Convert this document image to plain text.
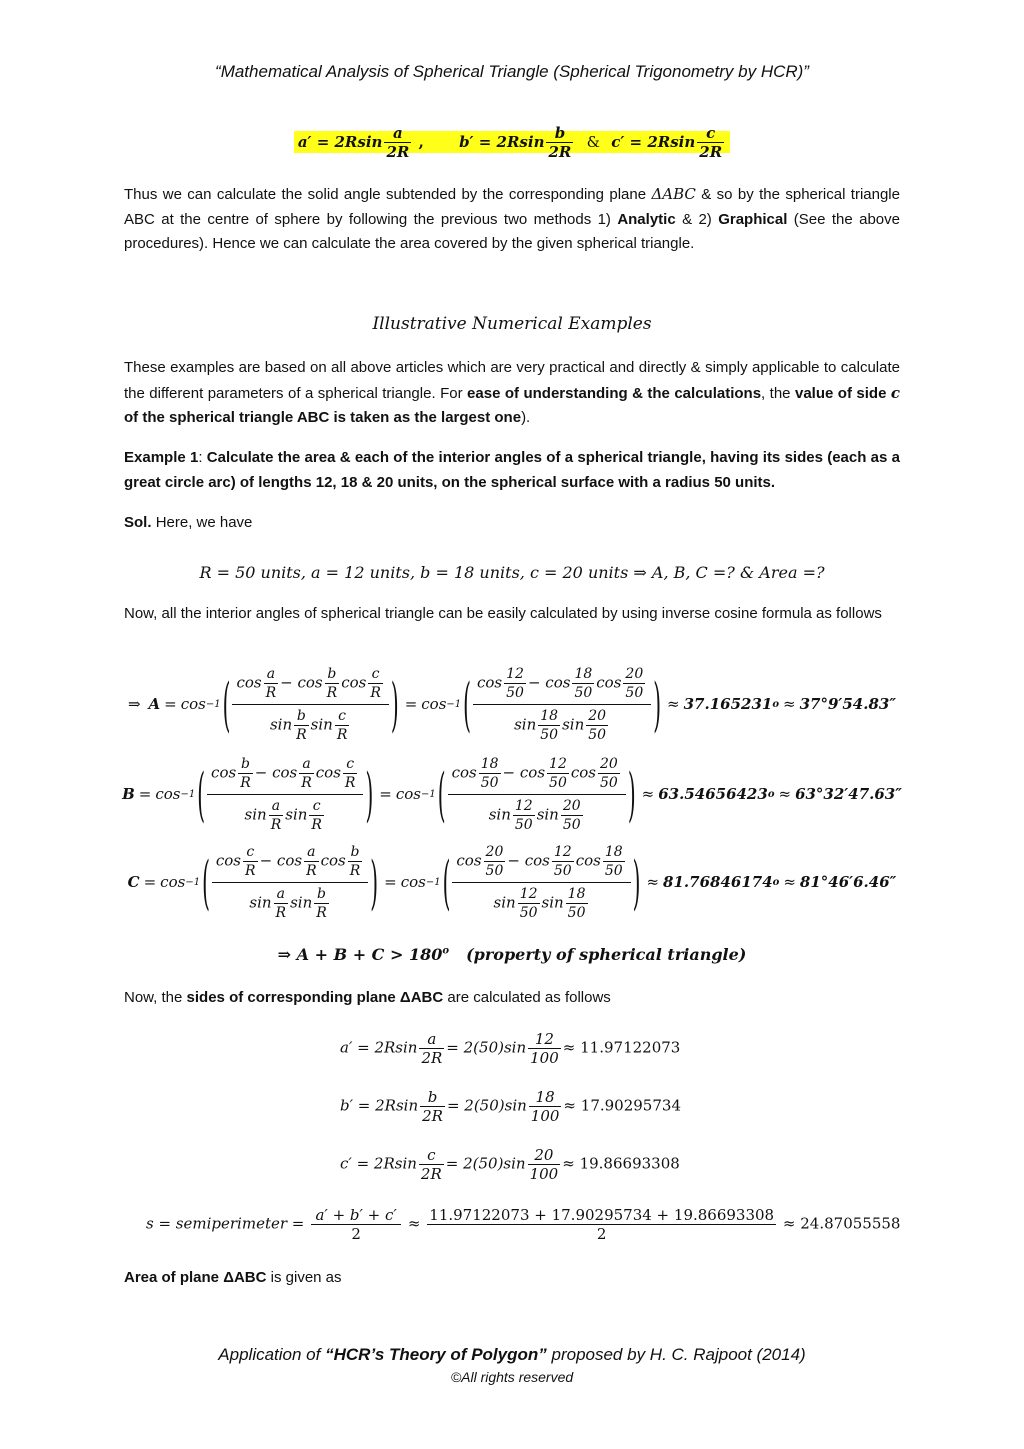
“Mathematical Analysis of Spherical Triangle (Spherical Trigonometry by HCR)”
$a' = 2Rsin \frac{a}{2R}$ , $b' = 2Rsin \frac{b}{2R}$ & $c' = 2Rsin \frac{c}{2R}$
Thus we can calculate the solid angle subtended by the corresponding plane ΔABC & so by the spherical triangle ABC at the centre of sphere by following the previous two methods 1) Analytic & 2) Graphical (See the above procedures). Hence we can calculate the area covered by the given spherical triangle.
Illustrative Numerical Examples
These examples are based on all above articles which are very practical and directly & simply applicable to calculate the different parameters of a spherical triangle. For ease of understanding & the calculations, the value of side c of the spherical triangle ABC is taken as the largest one).
Example 1: Calculate the area & each of the interior angles of a spherical triangle, having its sides (each as a great circle arc) of lengths 12, 18 & 20 units, on the spherical surface with a radius 50 units.
Sol. Here, we have
R = 50 units, a = 12 units, b = 18 units, c = 20 units ⇒ A, B, C =? & Area =?
Now, all the interior angles of spherical triangle can be easily calculated by using inverse cosine formula as follows
⇒ A = cos −1 ( $\frac{\cos \frac{a}{R} - \cos \frac{b}{R} \cos \frac{c}{R}}{\sin \frac{b}{R} \sin \frac{c}{R}}$ ) = cos −1 ( $\frac{\cos \frac{12}{50} - \cos \frac{18}{50} \cos \frac{20}{50}}{\sin \frac{18}{50} \sin \frac{20}{50}}$ ) ≈ 37.165231 o ≈ 37°9′54.83″
B = cos −1 ( $\frac{\cos \frac{b}{R} - \cos \frac{a}{R} \cos \frac{c}{R}}{\sin \frac{a}{R} \sin \frac{c}{R}}$ ) = cos −1 ( $\frac{\cos \frac{18}{50} - \cos \frac{12}{50} \cos \frac{20}{50}}{\sin \frac{12}{50} \sin \frac{20}{50}}$ ) ≈ 63.54656423 o ≈ 63°32′47.63″
C = cos −1 ( $\frac{\cos \frac{c}{R} - \cos \frac{a}{R} \cos \frac{b}{R}}{\sin \frac{a}{R} \sin \frac{b}{R}}$ ) = cos −1 ( $\frac{\cos \frac{20}{50} - \cos \frac{12}{50} \cos \frac{18}{50}}{\sin \frac{12}{50} \sin \frac{18}{50}}$ ) ≈ 81.76846174 o ≈ 81°46′6.46″
⇒ $A + B + C > 180^o$ (property of spherical triangle)
Now, the sides of corresponding plane ΔABC are calculated as follows
$a' = 2Rsin \frac{a}{2R} = 2(50)\sin \frac{12}{100} \approx 11.97122073$
$b' = 2Rsin \frac{b}{2R} = 2(50)\sin \frac{18}{100} \approx 17.90295734$
$c' = 2Rsin \frac{c}{2R} = 2(50)\sin \frac{20}{100} \approx 19.86693308$
s = semiperimeter = $\frac{a' + b' + c'}{2} \approx \frac{11.97122073 + 17.90295734 + 19.86693308}{2} \approx 24.87055558$
Area of plane ΔABC is given as
Application of “HCR’s Theory of Polygon” proposed by H. C. Rajpoot (2014)
©All rights reserved
